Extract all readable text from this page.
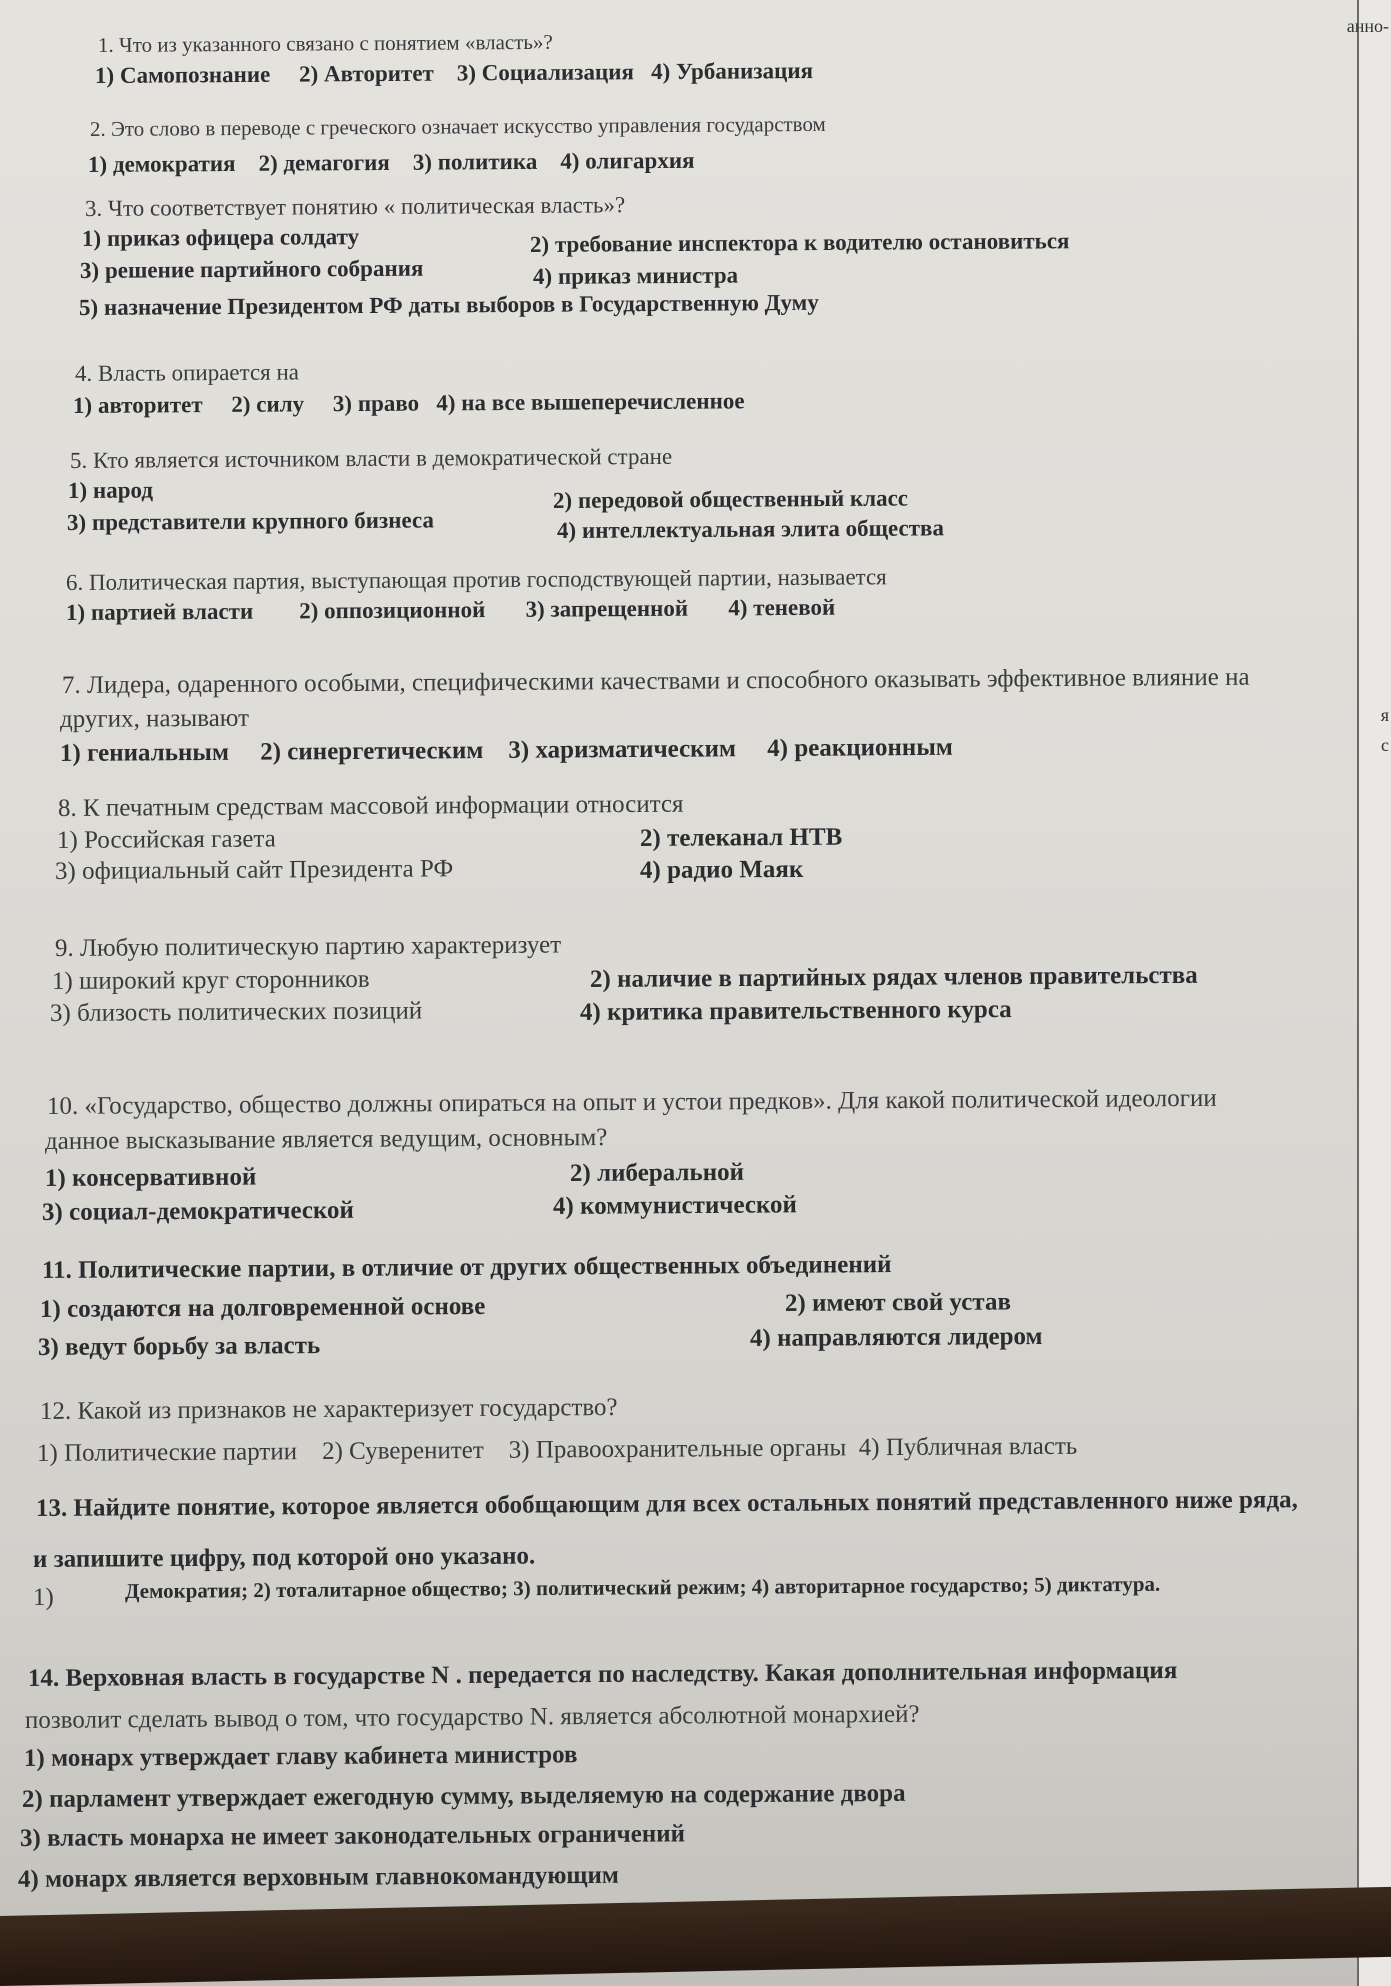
анно-
я
с
1. Что из указанного связано с понятием «власть»?
1) Самопознание     2) Авторитет    3) Социализация   4) Урбанизация
2. Это слово в переводе с греческого означает искусство управления государством
1) демократия    2) демагогия    3) политика    4) олигархия
3. Что соответствует понятию « политическая власть»?
1) приказ офицера солдату	2) требование инспектора к водителю остановиться
3) решение партийного собрания	4) приказ министра
5) назначение Президентом РФ даты выборов в Государственную Думу
4. Власть опирается на
1) авторитет     2) силу     3) право   4) на все вышеперечисленное
5. Кто является источником власти в демократической стране
1) народ	2) передовой общественный класс
3) представители крупного бизнеса	4) интеллектуальная элита общества
6. Политическая партия, выступающая против господствующей партии, называется
1) партией власти        2) оппозиционной       3) запрещенной       4) теневой
7. Лидера, одаренного особыми, специфическими качествами и способного оказывать эффективное влияние на
других, называют
1) гениальным     2) синергетическим    3) харизматическим     4) реакционным
8. К печатным средствам массовой информации относится
1) Российская газета	2) телеканал НТВ
3) официальный сайт Президента РФ	4) радио Маяк
9. Любую политическую партию характеризует
1) широкий круг сторонников	2) наличие в партийных рядах членов правительства
3) близость политических позиций	4) критика правительственного курса
10. «Государство, общество должны опираться на опыт и устои предков». Для какой политической идеологии
данное высказывание является ведущим, основным?
1) консервативной	2) либеральной
3) социал-демократической	4) коммунистической
11. Политические партии, в отличие от других общественных объединений
1) создаются на долговременной основе	2) имеют свой устав
3) ведут борьбу за власть	4) направляются лидером
12. Какой из признаков не характеризует государство?
1) Политические партии    2) Суверенитет    3) Правоохранительные органы  4) Публичная власть
13. Найдите понятие, которое является обобщающим для всех остальных понятий представленного ниже ряда,
и запишите цифру, под которой оно указано.
1)	Демократия; 2) тоталитарное общество; 3) политический режим; 4) авторитарное государство; 5) диктатура.
14. Верховная власть в государстве N . передается по наследству. Какая дополнительная информация
позволит сделать вывод о том, что государство N. является абсолютной монархией?
1) монарх утверждает главу кабинета министров
2) парламент утверждает ежегодную сумму, выделяемую на содержание двора
3) власть монарха не имеет законодательных ограничений
4) монарх является верховным главнокомандующим
